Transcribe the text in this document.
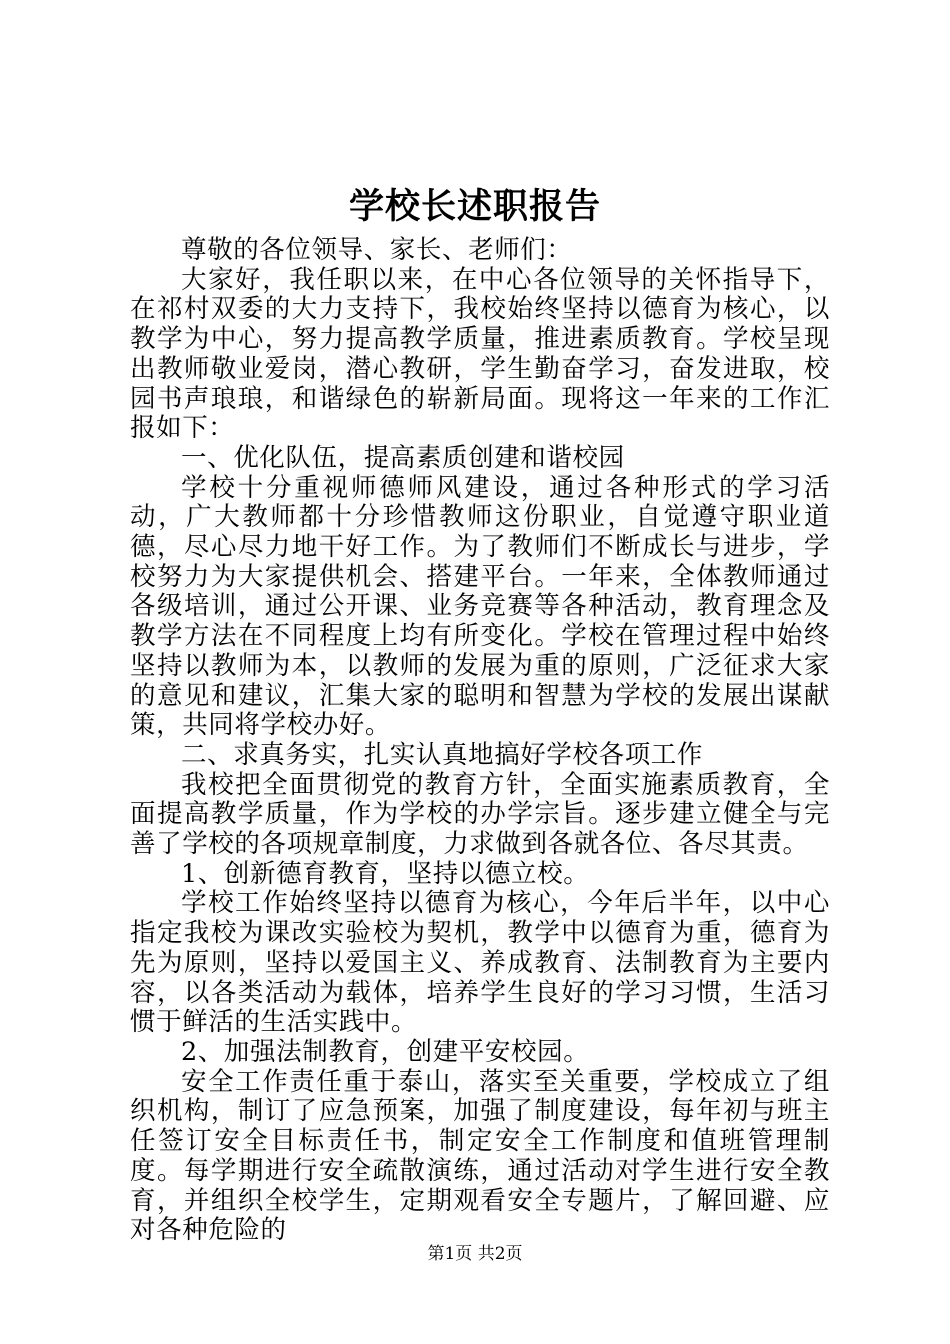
学校长述职报告

尊敬的各位领导、家长、老师们：

大家好，我任职以来，在中心各位领导的关怀指导下，在祁村双委的大力支持下，我校始终坚持以德育为核心，以教学为中心，努力提高教学质量，推进素质教育。学校呈现出教师敬业爱岗，潜心教研，学生勤奋学习，奋发进取，校园书声琅琅，和谐绿色的崭新局面。现将这一年来的工作汇报如下：

一、优化队伍，提高素质创建和谐校园

学校十分重视师德师风建设，通过各种形式的学习活动，广大教师都十分珍惜教师这份职业，自觉遵守职业道德，尽心尽力地干好工作。为了教师们不断成长与进步，学校努力为大家提供机会、搭建平台。一年来，全体教师通过各级培训，通过公开课、业务竞赛等各种活动，教育理念及教学方法在不同程度上均有所变化。学校在管理过程中始终坚持以教师为本，以教师的发展为重的原则，广泛征求大家的意见和建议，汇集大家的聪明和智慧为学校的发展出谋献策，共同将学校办好。

二、求真务实，扎实认真地搞好学校各项工作

我校把全面贯彻党的教育方针，全面实施素质教育，全面提高教学质量，作为学校的办学宗旨。逐步建立健全与完善了学校的各项规章制度，力求做到各就各位、各尽其责。

1、创新德育教育，坚持以德立校。

学校工作始终坚持以德育为核心，今年后半年，以中心指定我校为课改实验校为契机，教学中以德育为重，德育为先为原则，坚持以爱国主义、养成教育、法制教育为主要内容，以各类活动为载体，培养学生良好的学习习惯，生活习惯于鲜活的生活实践中。

2、加强法制教育，创建平安校园。

安全工作责任重于泰山，落实至关重要，学校成立了组织机构，制订了应急预案，加强了制度建设，每年初与班主任签订安全目标责任书，制定安全工作制度和值班管理制度。每学期进行安全疏散演练，通过活动对学生进行安全教育，并组织全校学生，定期观看安全专题片，了解回避、应对各种危险的

第1页 共2页
